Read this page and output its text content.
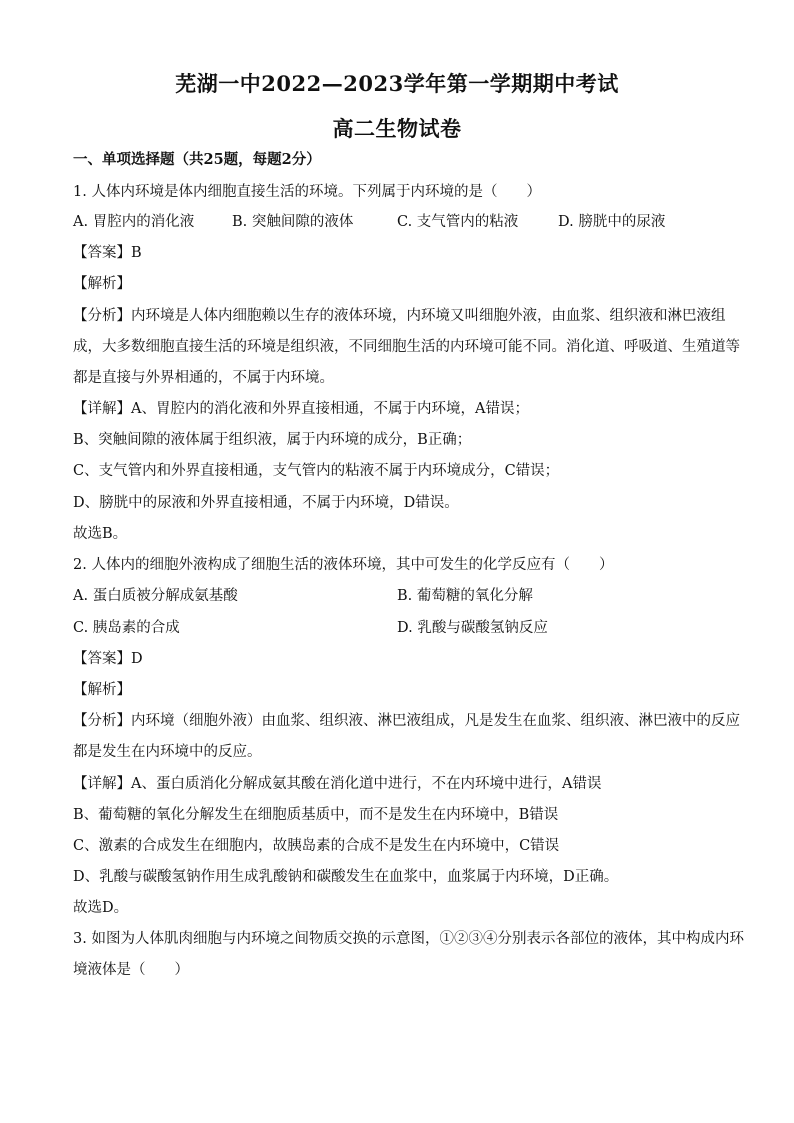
芜湖一中2022—2023学年第一学期期中考试
高二生物试卷
一、单项选择题（共25题，每题2分）
1. 人体内环境是体内细胞直接生活的环境。下列属于内环境的是（　　）
A. 胃腔内的消化液	B. 突触间隙的液体	C. 支气管内的粘液	D. 膀胱中的尿液
【答案】B
【解析】
【分析】内环境是人体内细胞赖以生存的液体环境，内环境又叫细胞外液，由血浆、组织液和淋巴液组
成，大多数细胞直接生活的环境是组织液，不同细胞生活的内环境可能不同。消化道、呼吸道、生殖道等
都是直接与外界相通的，不属于内环境。
【详解】A、胃腔内的消化液和外界直接相通，不属于内环境，A错误；
B、突触间隙的液体属于组织液，属于内环境的成分，B正确；
C、支气管内和外界直接相通，支气管内的粘液不属于内环境成分，C错误；
D、膀胱中的尿液和外界直接相通，不属于内环境，D错误。
故选B。
2. 人体内的细胞外液构成了细胞生活的液体环境，其中可发生的化学反应有（　　）
A. 蛋白质被分解成氨基酸	B. 葡萄糖的氧化分解
C. 胰岛素的合成	D. 乳酸与碳酸氢钠反应
【答案】D
【解析】
【分析】内环境（细胞外液）由血浆、组织液、淋巴液组成，凡是发生在血浆、组织液、淋巴液中的反应
都是发生在内环境中的反应。
【详解】A、蛋白质消化分解成氨其酸在消化道中进行，不在内环境中进行，A错误
B、葡萄糖的氧化分解发生在细胞质基质中，而不是发生在内环境中，B错误
C、激素的合成发生在细胞内，故胰岛素的合成不是发生在内环境中，C错误
D、乳酸与碳酸氢钠作用生成乳酸钠和碳酸发生在血浆中，血浆属于内环境，D正确。
故选D。
3. 如图为人体肌肉细胞与内环境之间物质交换的示意图，①②③④分别表示各部位的液体，其中构成内环
境液体是（　　）
